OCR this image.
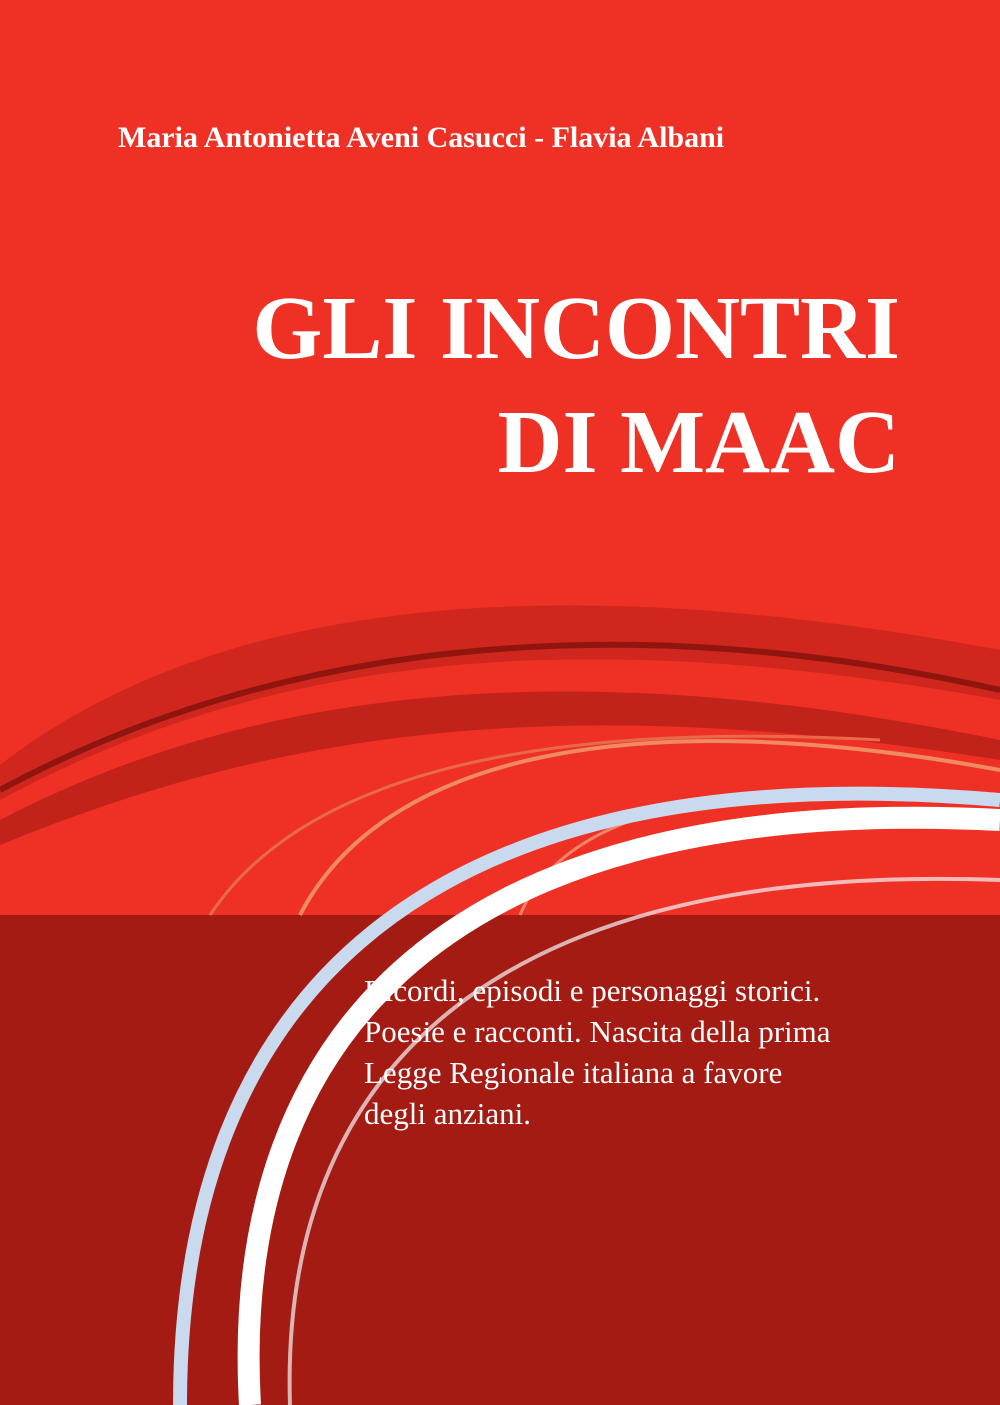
Maria Antonietta Aveni Casucci - Flavia Albani

GLI INCONTRI
DI MAAC
Ricordi, episodi e personaggi storici.
Poesie e racconti. Nascita della prima
Legge Regionale italiana a favore
degli anziani.
